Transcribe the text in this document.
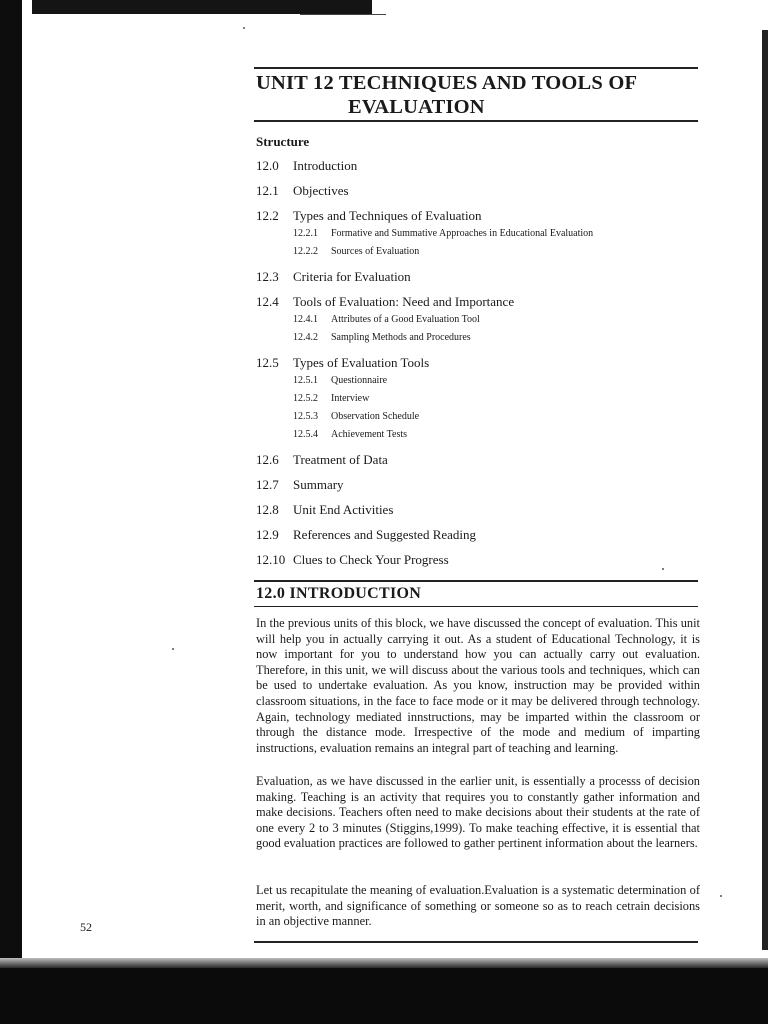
UNIT 12 TECHNIQUES AND TOOLS OF
EVALUATION
Structure
12.0	Introduction
12.1	Objectives
12.2	Types and Techniques of Evaluation
12.2.1	Formative and Summative Approaches in Educational Evaluation
12.2.2	Sources of Evaluation
12.3	Criteria for Evaluation
12.4	Tools of Evaluation: Need and Importance
12.4.1	Attributes of a Good Evaluation Tool
12.4.2	Sampling Methods and Procedures
12.5	Types of Evaluation Tools
12.5.1	Questionnaire
12.5.2	Interview
12.5.3	Observation Schedule
12.5.4	Achievement Tests
12.6	Treatment of Data
12.7	Summary
12.8	Unit End Activities
12.9	References and Suggested Reading
12.10 Clues to Check Your Progress
12.0 INTRODUCTION
In the previous units of this block, we have discussed the concept of evaluation. This unit will help you in actually carrying it out. As a student of Educational Technology, it is now important for you to understand how you can actually carry out evaluation. Therefore, in this unit, we will discuss about the various tools and techniques, which can be used to undertake evaluation. As you know, instruction may be provided within classroom situations, in the face to face mode or it may be delivered through technology. Again, technology mediated innstructions, may be imparted within the classroom or through the distance mode. Irrespective of the mode and medium of imparting instructions, evaluation remains an integral part of teaching and learning.
Evaluation, as we have discussed in the earlier unit, is essentially a processs of decision making. Teaching is an activity that requires you to constantly gather information and make decisions. Teachers often need to make decisions about their students at the rate of one every 2 to 3 minutes (Stiggins,1999). To make teaching effective, it is essential that good evaluation practices are followed to gather pertinent information about the learners.
Let us recapitulate the meaning of evaluation.Evaluation is a systematic determination of merit, worth, and significance of something or someone so as to reach cetrain decisions in an objective manner.
52
